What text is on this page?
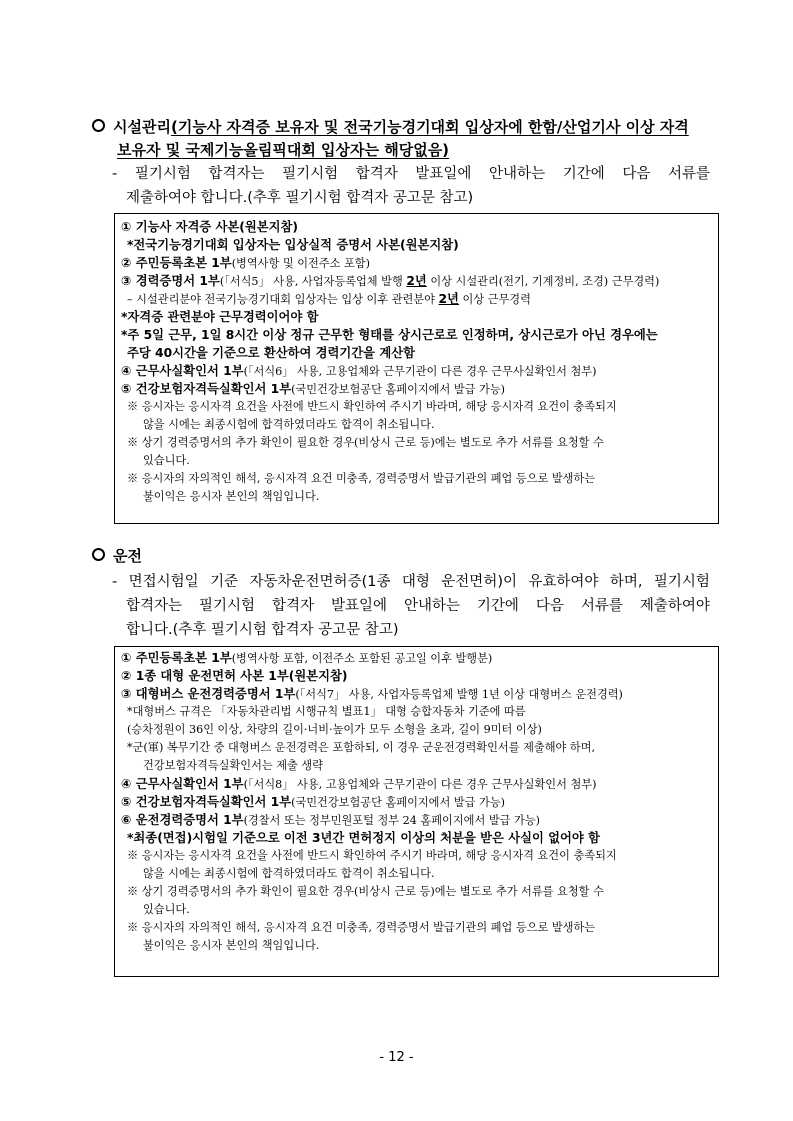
시설관리(기능사 자격증 보유자 및 전국기능경기대회 입상자에 한함/산업기사 이상 자격
보유자 및 국제기능올림픽대회 입상자는 해당없음)
- 필기시험 합격자는 필기시험 합격자 발표일에 안내하는 기간에 다음 서류를
제출하여야 합니다.(추후 필기시험 합격자 공고문 참고)
① 기능사 자격증 사본(원본지참)
*전국기능경기대회 입상자는 입상실적 증명서 사본(원본지참)
② 주민등록초본 1부(병역사항 및 이전주소 포함)
③ 경력증명서 1부(「서식5」 사용, 사업자등록업체 발행 2년 이상 시설관리(전기, 기계정비, 조경) 근무경력)
– 시설관리분야 전국기능경기대회 입상자는 입상 이후 관련분야 2년 이상 근무경력
*자격증 관련분야 근무경력이어야 함
*주 5일 근무, 1일 8시간 이상 정규 근무한 형태를 상시근로로 인정하며, 상시근로가 아닌 경우에는
주당 40시간을 기준으로 환산하여 경력기간을 계산함
④ 근무사실확인서 1부(「서식6」 사용, 고용업체와 근무기관이 다른 경우 근무사실확인서 첨부)
⑤ 건강보험자격득실확인서 1부(국민건강보험공단 홈페이지에서 발급 가능)
※ 응시자는 응시자격 요건을 사전에 반드시 확인하여 주시기 바라며, 해당 응시자격 요건이 충족되지
않을 시에는 최종시험에 합격하였더라도 합격이 취소됩니다.
※ 상기 경력증명서의 추가 확인이 필요한 경우(비상시 근로 등)에는 별도로 추가 서류를 요청할 수
있습니다.
※ 응시자의 자의적인 해석, 응시자격 요건 미충족, 경력증명서 발급기관의 폐업 등으로 발생하는
불이익은 응시자 본인의 책임입니다.
운전
- 면접시험일 기준 자동차운전면허증(1종 대형 운전면허)이 유효하여야 하며, 필기시험
합격자는 필기시험 합격자 발표일에 안내하는 기간에 다음 서류를 제출하여야
합니다.(추후 필기시험 합격자 공고문 참고)
① 주민등록초본 1부(병역사항 포함, 이전주소 포함된 공고일 이후 발행분)
② 1종 대형 운전면허 사본 1부(원본지참)
③ 대형버스 운전경력증명서 1부(「서식7」 사용, 사업자등록업체 발행 1년 이상 대형버스 운전경력)
*대형버스 규격은 「자동차관리법 시행규칙 별표1」 대형 승합자동차 기준에 따름
(승차정원이 36인 이상, 차량의 길이·너비·높이가 모두 소형을 초과, 길이 9미터 이상)
*군(軍) 복무기간 중 대형버스 운전경력은 포함하되, 이 경우 군운전경력확인서를 제출해야 하며,
건강보험자격득실확인서는 제출 생략
④ 근무사실확인서 1부(「서식8」 사용, 고용업체와 근무기관이 다른 경우 근무사실확인서 첨부)
⑤ 건강보험자격득실확인서 1부(국민건강보험공단 홈페이지에서 발급 가능)
⑥ 운전경력증명서 1부(경찰서 또는 정부민원포털 정부 24 홈페이지에서 발급 가능)
*최종(면접)시험일 기준으로 이전 3년간 면허정지 이상의 처분을 받은 사실이 없어야 함
※ 응시자는 응시자격 요건을 사전에 반드시 확인하여 주시기 바라며, 해당 응시자격 요건이 충족되지
않을 시에는 최종시험에 합격하였더라도 합격이 취소됩니다.
※ 상기 경력증명서의 추가 확인이 필요한 경우(비상시 근로 등)에는 별도로 추가 서류를 요청할 수
있습니다.
※ 응시자의 자의적인 해석, 응시자격 요건 미충족, 경력증명서 발급기관의 폐업 등으로 발생하는
불이익은 응시자 본인의 책임입니다.
- 12 -
